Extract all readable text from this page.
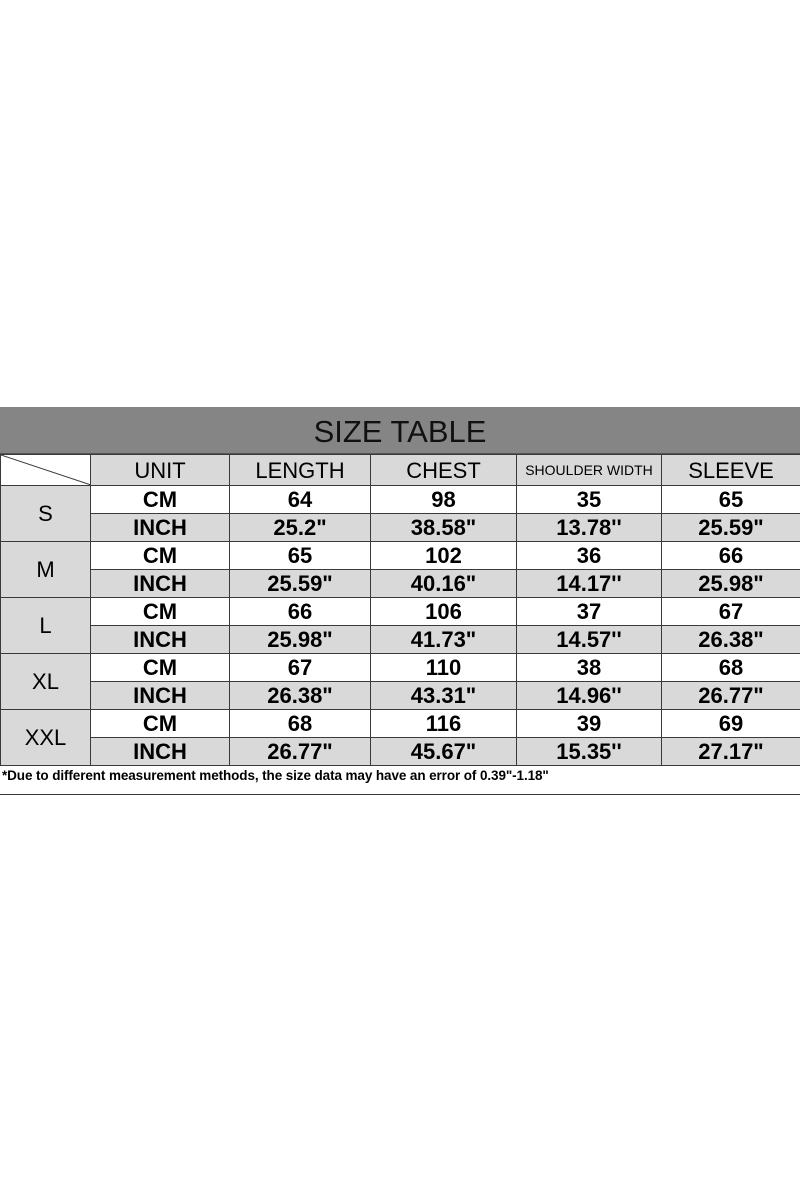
SIZE TABLE
	UNIT	LENGTH	CHEST	SHOULDER WIDTH	SLEEVE
S	CM	64	98	35	65
	INCH	25.2"	38.58"	13.78''	25.59"
M	CM	65	102	36	66
	INCH	25.59"	40.16"	14.17''	25.98"
L	CM	66	106	37	67
	INCH	25.98"	41.73"	14.57''	26.38"
XL	CM	67	110	38	68
	INCH	26.38"	43.31"	14.96''	26.77"
XXL	CM	68	116	39	69
	INCH	26.77"	45.67"	15.35''	27.17"
*Due to different measurement methods, the size data may have an error of 0.39"-1.18"
